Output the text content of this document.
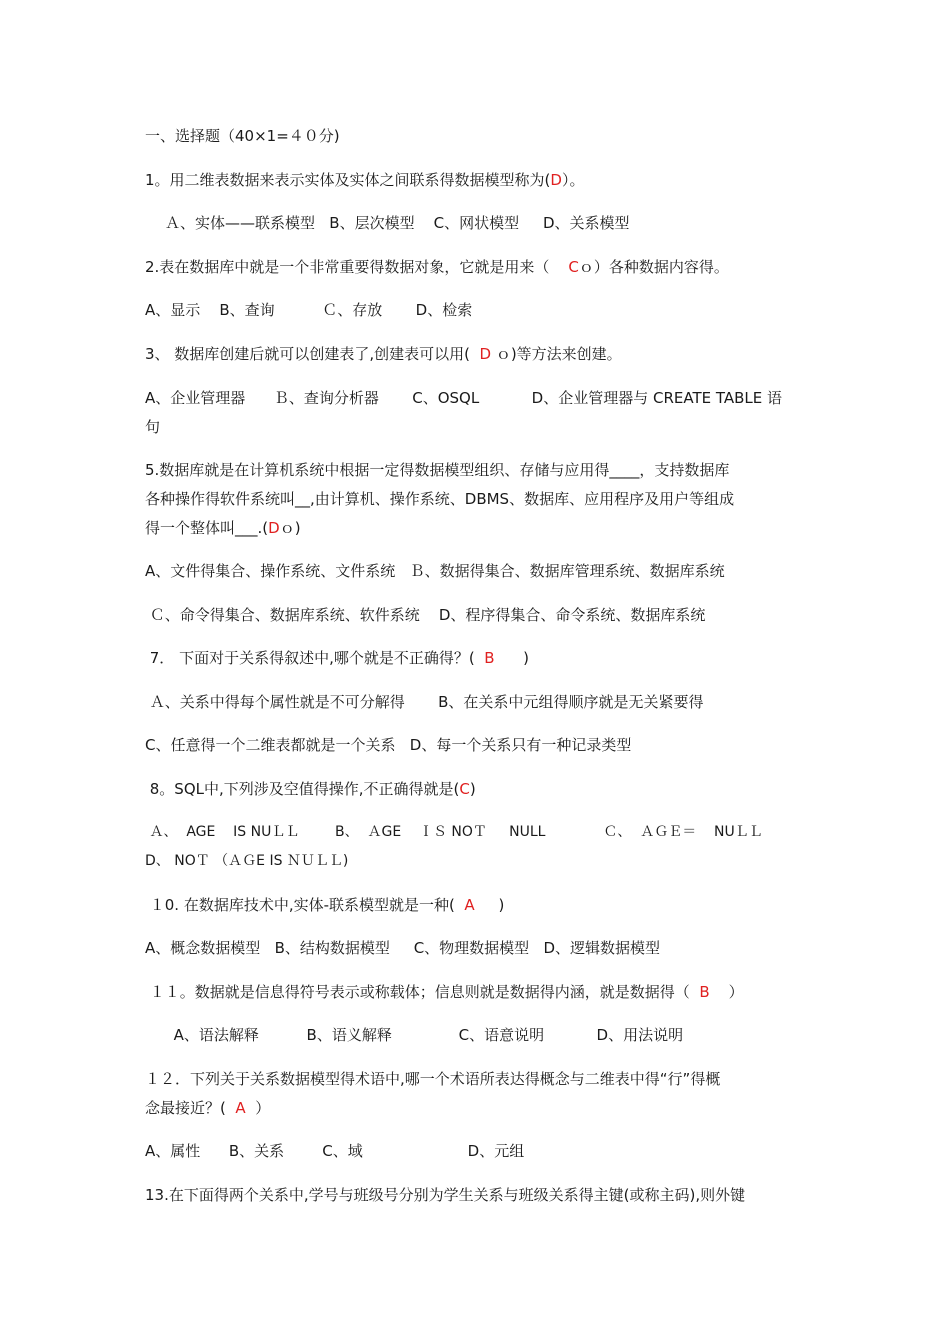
一、选择题（40×1=４０分)
1。用二维表数据来表示实体及实体之间联系得数据模型称为(D）。
Ａ、实体——联系模型   B、层次模型    C、网状模型     D、关系模型
2.表在数据库中就是一个非常重要得数据对象，它就是用来（    Cｏ）各种数据内容得。
A、显示    B、查询          Ｃ、存放       D、检索
3、 数据库创建后就可以创建表了,创建表可以用(  D ｏ)等方法来创建。
A、企业管理器      Ｂ、查询分析器       C、OSQL           D、企业管理器与 CREATE TABLE 语
句
5.数据库就是在计算机系统中根据一定得数据模型组织、存储与应用得____，支持数据库
各种操作得软件系统叫__,由计算机、操作系统、DBMS、数据库、应用程序及用户等组成
得一个整体叫___.(Dｏ)
A、文件得集合、操作系统、文件系统   Ｂ、数据得集合、数据库管理系统、数据库系统
Ｃ、命令得集合、数据库系统、软件系统    D、程序得集合、命令系统、数据库系统
7． 下面对于关系得叙述中,哪个就是不正确得？(  B      )
Ａ、关系中得每个属性就是不可分解得       B、在关系中元组得顺序就是无关紧要得
C、任意得一个二维表都就是一个关系   D、每一个关系只有一种记录类型
8。SQL中,下列涉及空值得操作,不正确得就是(C)
Ａ、  AGE    IS NUＬＬ        B、  ＡGE    ＩＳ NOＴ     NULL             Ｃ、  ＡＧＥ＝    NUＬＬ
D、 NOＴ （ＡＧE IS ＮＵＬＬ)
１0. 在数据库技术中,实体-联系模型就是一种(  A     )
A、概念数据模型   B、结构数据模型     C、物理数据模型   D、逻辑数据模型
１１。数据就是信息得符号表示或称载体；信息则就是数据得内涵，就是数据得（  B    ）
A、语法解释          B、语义解释              C、语意说明           D、用法说明
１２．下列关于关系数据模型得术语中,哪一个术语所表达得概念与二维表中得“行”得概
念最接近？(  A  ）
A、属性      B、关系        C、域                      D、元组
13.在下面得两个关系中,学号与班级号分别为学生关系与班级关系得主键(或称主码),则外键
